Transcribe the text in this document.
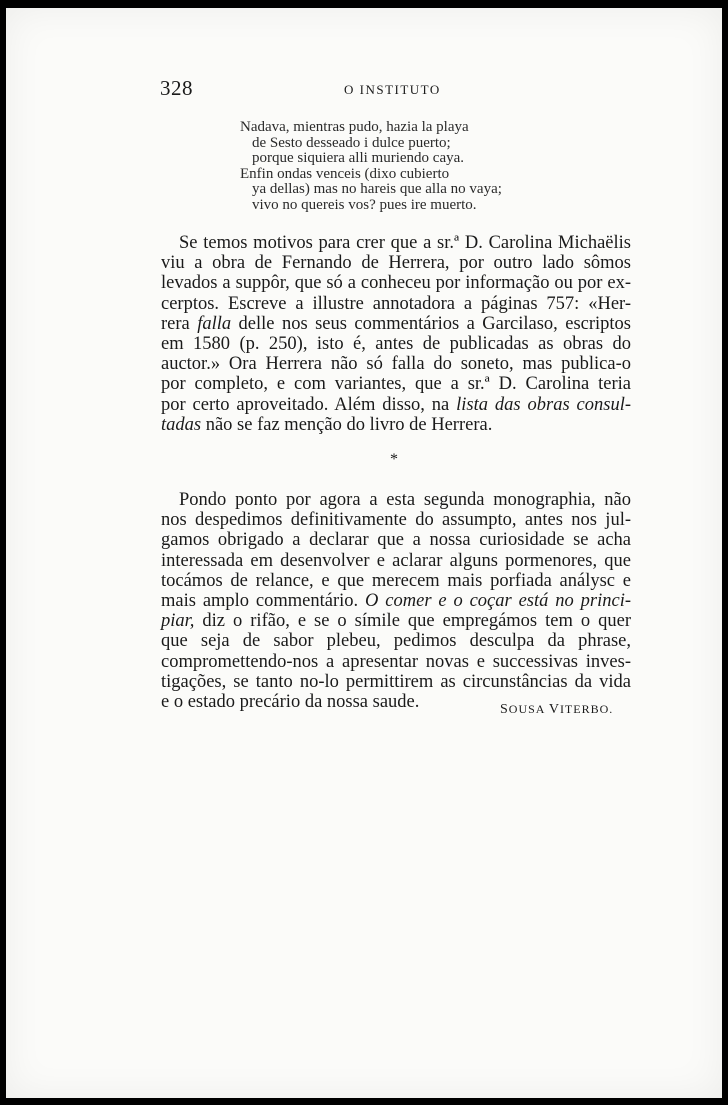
328	O INSTITUTO
Nadava, mientras pudo, hazia la playa
de Sesto desseado i dulce puerto;
porque siquiera alli muriendo caya.
Enfin ondas venceis (dixo cubierto
ya dellas) mas no hareis que alla no vaya;
vivo no quereis vos? pues ire muerto.
Se temos motivos para crer que a sr.ª D. Carolina Michaëlis
viu a obra de Fernando de Herrera, por outro lado sômos
levados a suppôr, que só a conheceu por informação ou por ex-
cerptos. Escreve a illustre annotadora a páginas 757: «Her-
rera falla delle nos seus commentários a Garcilaso, escriptos
em 1580 (p. 250), isto é, antes de publicadas as obras do
auctor.» Ora Herrera não só falla do soneto, mas publica-o
por completo, e com variantes, que a sr.ª D. Carolina teria
por certo aproveitado. Além disso, na lista das obras consul-
tadas não se faz menção do livro de Herrera.
*
Pondo ponto por agora a esta segunda monographia, não
nos despedimos definitivamente do assumpto, antes nos jul-
gamos obrigado a declarar que a nossa curiosidade se acha
interessada em desenvolver e aclarar alguns pormenores, que
tocámos de relance, e que merecem mais porfiada análysc e
mais amplo commentário. O comer e o coçar está no princi-
piar, diz o rifão, e se o símile que empregámos tem o quer
que seja de sabor plebeu, pedimos desculpa da phrase,
compromettendo-nos a apresentar novas e successivas inves-
tigações, se tanto no-lo permittirem as circunstâncias da vida
e o estado precário da nossa saude.	SOUSA VITERBO.
